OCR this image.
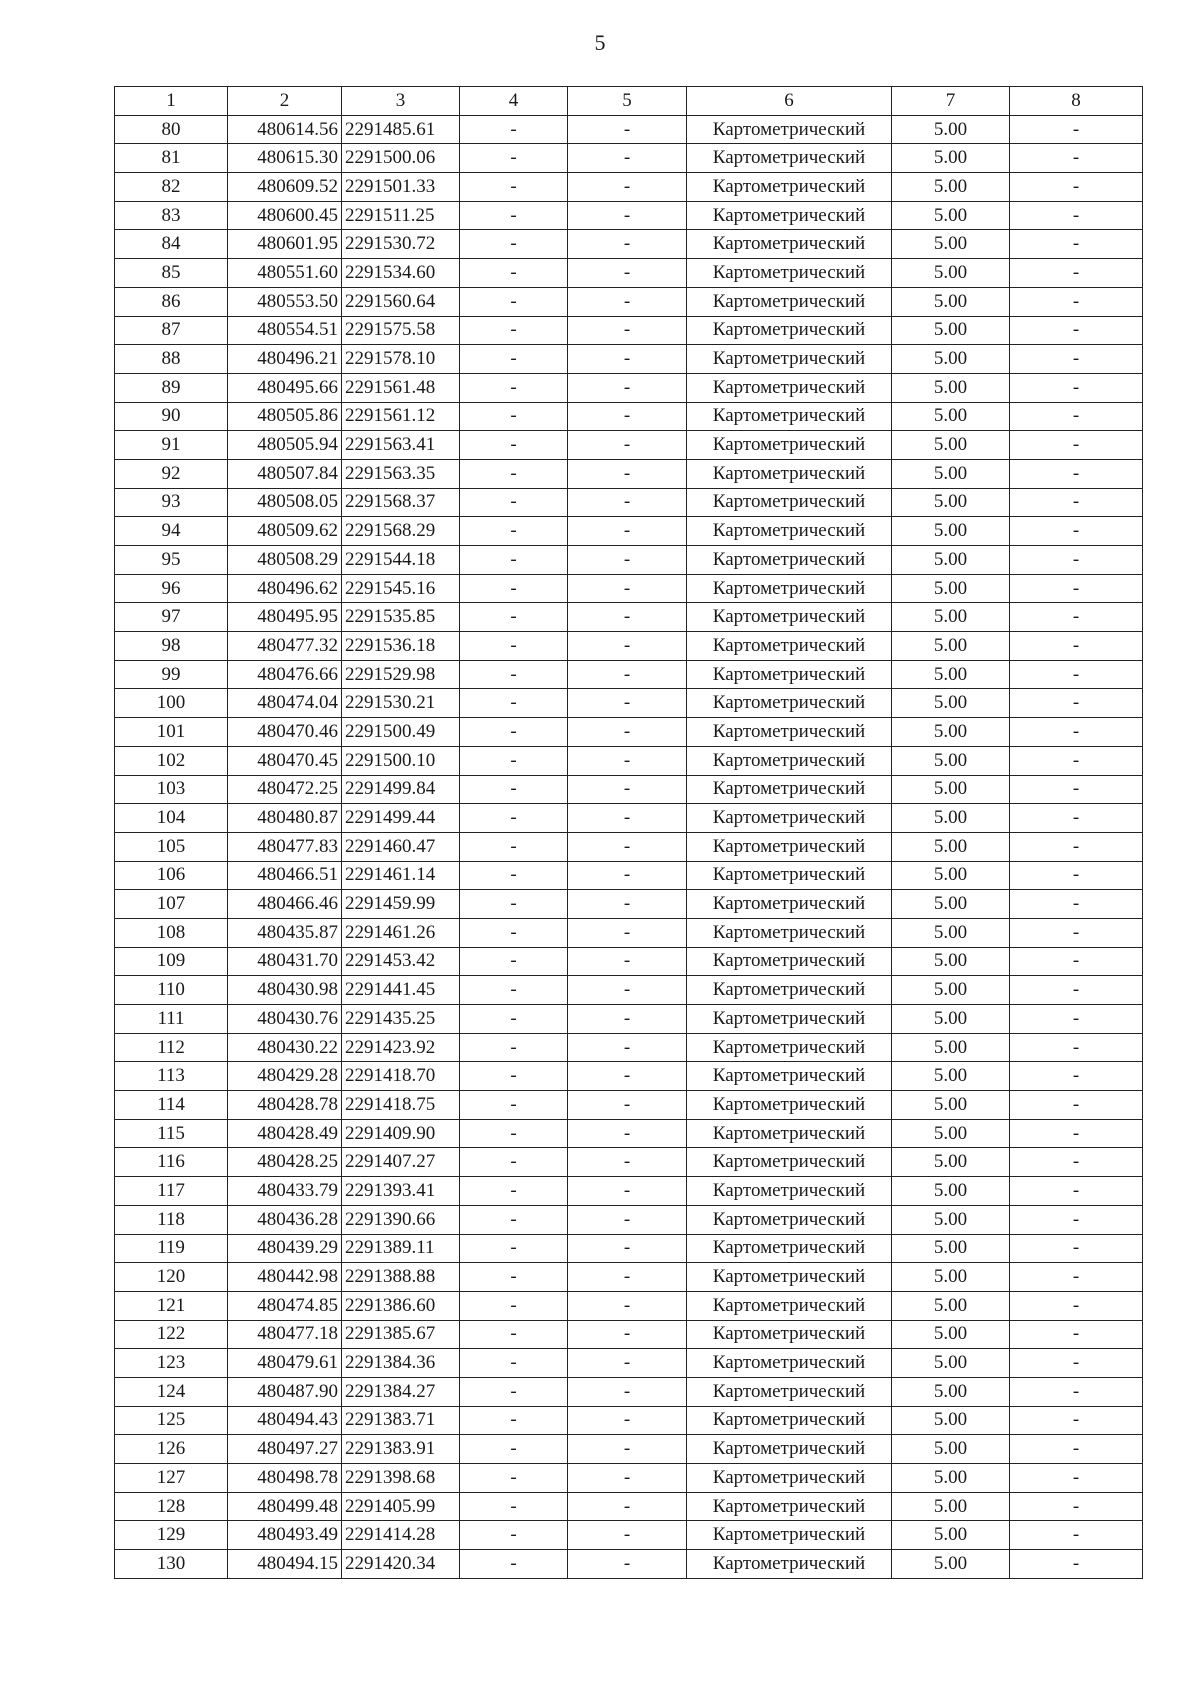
5
1	2	3	4	5	6	7	8
80	480614.56	2291485.61	-	-	Картометрический	5.00	-
81	480615.30	2291500.06	-	-	Картометрический	5.00	-
82	480609.52	2291501.33	-	-	Картометрический	5.00	-
83	480600.45	2291511.25	-	-	Картометрический	5.00	-
84	480601.95	2291530.72	-	-	Картометрический	5.00	-
85	480551.60	2291534.60	-	-	Картометрический	5.00	-
86	480553.50	2291560.64	-	-	Картометрический	5.00	-
87	480554.51	2291575.58	-	-	Картометрический	5.00	-
88	480496.21	2291578.10	-	-	Картометрический	5.00	-
89	480495.66	2291561.48	-	-	Картометрический	5.00	-
90	480505.86	2291561.12	-	-	Картометрический	5.00	-
91	480505.94	2291563.41	-	-	Картометрический	5.00	-
92	480507.84	2291563.35	-	-	Картометрический	5.00	-
93	480508.05	2291568.37	-	-	Картометрический	5.00	-
94	480509.62	2291568.29	-	-	Картометрический	5.00	-
95	480508.29	2291544.18	-	-	Картометрический	5.00	-
96	480496.62	2291545.16	-	-	Картометрический	5.00	-
97	480495.95	2291535.85	-	-	Картометрический	5.00	-
98	480477.32	2291536.18	-	-	Картометрический	5.00	-
99	480476.66	2291529.98	-	-	Картометрический	5.00	-
100	480474.04	2291530.21	-	-	Картометрический	5.00	-
101	480470.46	2291500.49	-	-	Картометрический	5.00	-
102	480470.45	2291500.10	-	-	Картометрический	5.00	-
103	480472.25	2291499.84	-	-	Картометрический	5.00	-
104	480480.87	2291499.44	-	-	Картометрический	5.00	-
105	480477.83	2291460.47	-	-	Картометрический	5.00	-
106	480466.51	2291461.14	-	-	Картометрический	5.00	-
107	480466.46	2291459.99	-	-	Картометрический	5.00	-
108	480435.87	2291461.26	-	-	Картометрический	5.00	-
109	480431.70	2291453.42	-	-	Картометрический	5.00	-
110	480430.98	2291441.45	-	-	Картометрический	5.00	-
111	480430.76	2291435.25	-	-	Картометрический	5.00	-
112	480430.22	2291423.92	-	-	Картометрический	5.00	-
113	480429.28	2291418.70	-	-	Картометрический	5.00	-
114	480428.78	2291418.75	-	-	Картометрический	5.00	-
115	480428.49	2291409.90	-	-	Картометрический	5.00	-
116	480428.25	2291407.27	-	-	Картометрический	5.00	-
117	480433.79	2291393.41	-	-	Картометрический	5.00	-
118	480436.28	2291390.66	-	-	Картометрический	5.00	-
119	480439.29	2291389.11	-	-	Картометрический	5.00	-
120	480442.98	2291388.88	-	-	Картометрический	5.00	-
121	480474.85	2291386.60	-	-	Картометрический	5.00	-
122	480477.18	2291385.67	-	-	Картометрический	5.00	-
123	480479.61	2291384.36	-	-	Картометрический	5.00	-
124	480487.90	2291384.27	-	-	Картометрический	5.00	-
125	480494.43	2291383.71	-	-	Картометрический	5.00	-
126	480497.27	2291383.91	-	-	Картометрический	5.00	-
127	480498.78	2291398.68	-	-	Картометрический	5.00	-
128	480499.48	2291405.99	-	-	Картометрический	5.00	-
129	480493.49	2291414.28	-	-	Картометрический	5.00	-
130	480494.15	2291420.34	-	-	Картометрический	5.00	-
